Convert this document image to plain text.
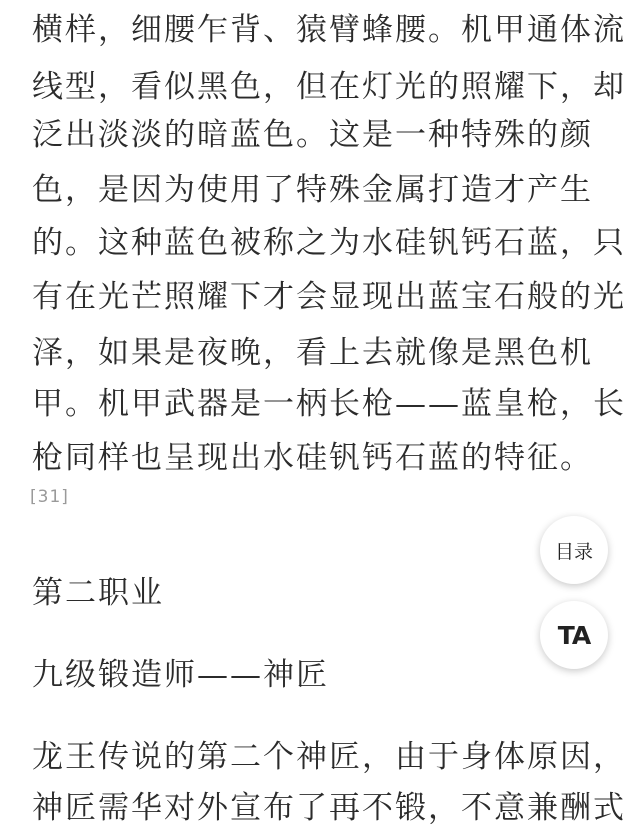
横样，细腰乍背、猿臂蜂腰。机甲通体流
线型，看似黑色，但在灯光的照耀下，却
泛出淡淡的暗蓝色。这是一种特殊的颜
色，是因为使用了特殊金属打造才产生
的。这种蓝色被称之为水硅钒钙石蓝，只
有在光芒照耀下才会显现出蓝宝石般的光
泽，如果是夜晚，看上去就像是黑色机
甲。机甲武器是一柄长枪——蓝皇枪，长
枪同样也呈现出水硅钒钙石蓝的特征。
[31]
第二职业
九级锻造师——神匠
龙王传说的第二个神匠，由于身体原因，
神匠需华对外宣布了再不锻，不意兼酬式
目录
TA
